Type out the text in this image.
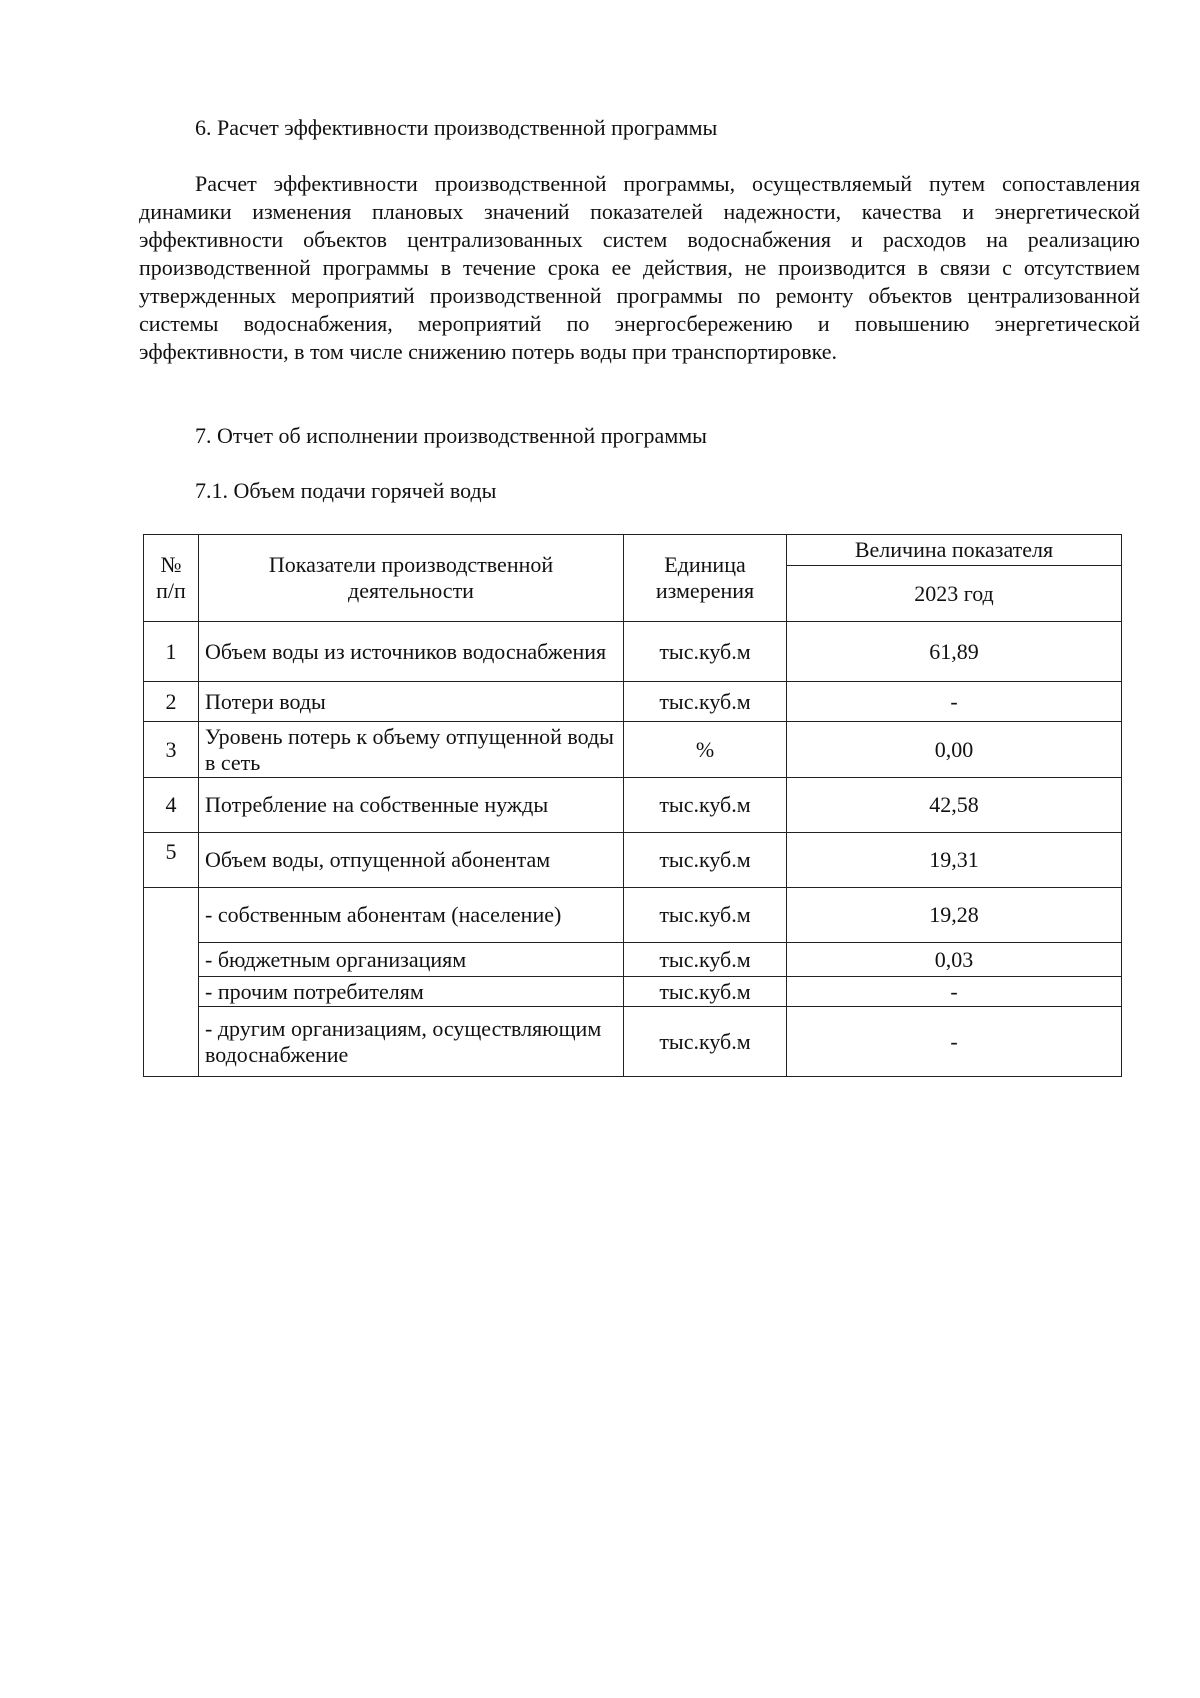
6. Расчет эффективности производственной программы

Расчет эффективности производственной программы, осуществляемый путем сопоставления динамики изменения плановых значений показателей надежности, качества и энергетической эффективности объектов централизованных систем водоснабжения и расходов на реализацию производственной программы в течение срока ее действия, не производится в связи с отсутствием утвержденных мероприятий производственной программы по ремонту объектов централизованной системы водоснабжения, мероприятий по энергосбережению и повышению энергетической эффективности, в том числе снижению потерь воды при транспортировке.

7. Отчет об исполнении производственной программы
7.1. Объем подачи горячей воды
№ п/п	Показатели производственной деятельности	Единица измерения	Величина показателя
			2023 год
1	Объем воды из источников водоснабжения	тыс.куб.м	61,89
2	Потери воды	тыс.куб.м	-
3	Уровень потерь к объему отпущенной воды в сеть	%	0,00
4	Потребление на собственные нужды	тыс.куб.м	42,58
5	Объем воды, отпущенной абонентам	тыс.куб.м	19,31
	- собственным абонентам (население)	тыс.куб.м	19,28
	- бюджетным организациям	тыс.куб.м	0,03
	- прочим потребителям	тыс.куб.м	-
	- другим организациям, осуществляющим водоснабжение	тыс.куб.м	-
